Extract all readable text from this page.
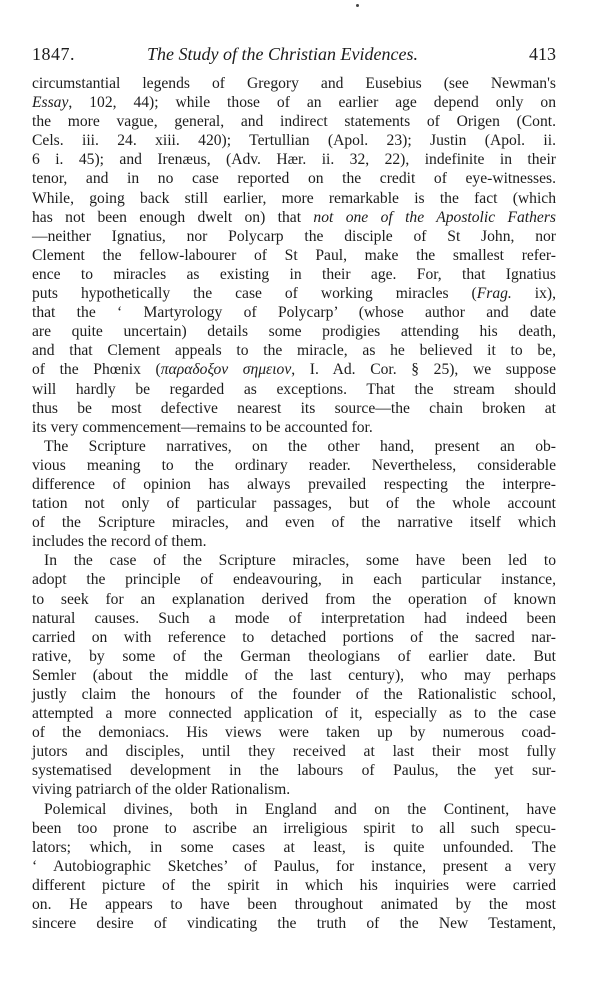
1847.	The Study of the Christian Evidences.	413
circumstantial legends of Gregory and Eusebius (see Newman's
Essay, 102, 44); while those of an earlier age depend only on
the more vague, general, and indirect statements of Origen (Cont.
Cels. iii. 24. xiii. 420); Tertullian (Apol. 23); Justin (Apol. ii.
6 i. 45); and Irenæus, (Adv. Hær. ii. 32, 22), indefinite in their
tenor, and in no case reported on the credit of eye-witnesses.
While, going back still earlier, more remarkable is the fact (which
has not been enough dwelt on) that not one of the Apostolic Fathers
—neither Ignatius, nor Polycarp the disciple of St John, nor
Clement the fellow-labourer of St Paul, make the smallest refer-
ence to miracles as existing in their age. For, that Ignatius
puts hypothetically the case of working miracles (Frag. ix),
that the ‘ Martyrology of Polycarp’ (whose author and date
are quite uncertain) details some prodigies attending his death,
and that Clement appeals to the miracle, as he believed it to be,
of the Phœnix (παραδοξον σημειον, I. Ad. Cor. § 25), we suppose
will hardly be regarded as exceptions. That the stream should
thus be most defective nearest its source—the chain broken at
its very commencement—remains to be accounted for.
The Scripture narratives, on the other hand, present an ob-
vious meaning to the ordinary reader. Nevertheless, considerable
difference of opinion has always prevailed respecting the interpre-
tation not only of particular passages, but of the whole account
of the Scripture miracles, and even of the narrative itself which
includes the record of them.
In the case of the Scripture miracles, some have been led to
adopt the principle of endeavouring, in each particular instance,
to seek for an explanation derived from the operation of known
natural causes. Such a mode of interpretation had indeed been
carried on with reference to detached portions of the sacred nar-
rative, by some of the German theologians of earlier date. But
Semler (about the middle of the last century), who may perhaps
justly claim the honours of the founder of the Rationalistic school,
attempted a more connected application of it, especially as to the case
of the demoniacs. His views were taken up by numerous coad-
jutors and disciples, until they received at last their most fully
systematised development in the labours of Paulus, the yet sur-
viving patriarch of the older Rationalism.
Polemical divines, both in England and on the Continent, have
been too prone to ascribe an irreligious spirit to all such specu-
lators; which, in some cases at least, is quite unfounded. The
‘ Autobiographic Sketches’ of Paulus, for instance, present a very
different picture of the spirit in which his inquiries were carried
on. He appears to have been throughout animated by the most
sincere desire of vindicating the truth of the New Testament,
